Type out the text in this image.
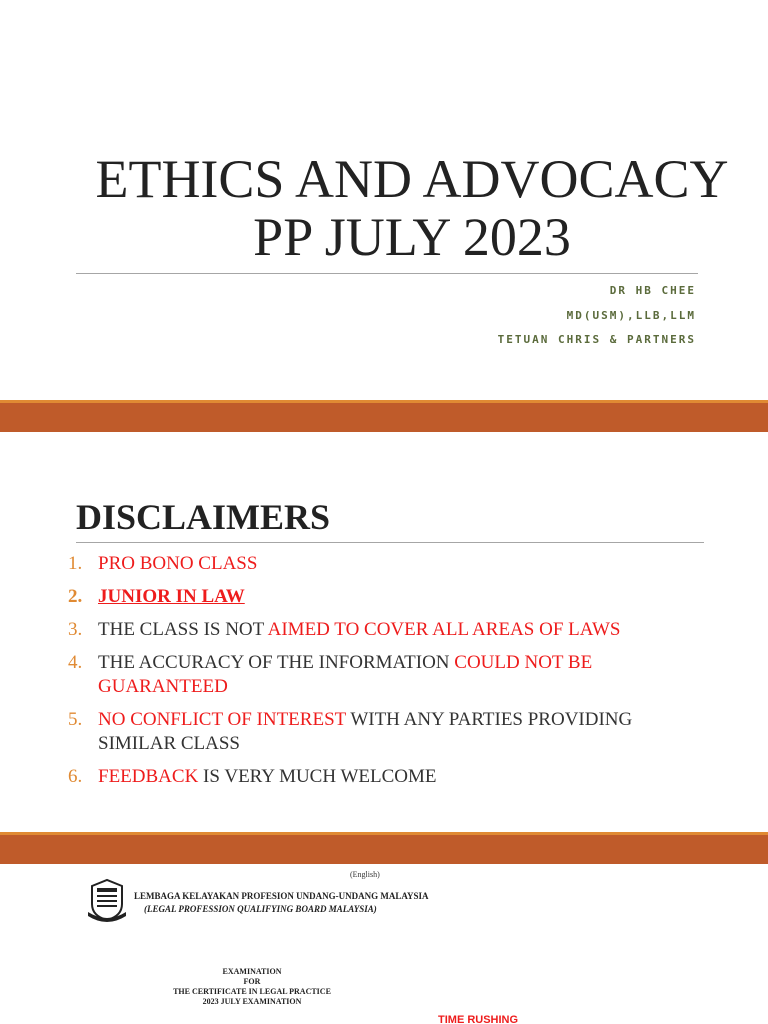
ETHICS AND ADVOCACY
PP JULY 2023
DR HB CHEE
MD(USM),LLB,LLM
TETUAN CHRIS & PARTNERS
DISCLAIMERS
1. PRO BONO CLASS
2. JUNIOR IN LAW
3. THE CLASS IS NOT AIMED TO COVER ALL AREAS OF LAWS
4. THE ACCURACY OF THE INFORMATION COULD NOT BE GUARANTEED
5. NO CONFLICT OF INTEREST WITH ANY PARTIES PROVIDING SIMILAR CLASS
6. FEEDBACK IS VERY MUCH WELCOME
(English)
LEMBAGA KELAYAKAN PROFESION UNDANG-UNDANG MALAYSIA
(LEGAL PROFESSION QUALIFYING BOARD MALAYSIA)
EXAMINATION
FOR
THE CERTIFICATE IN LEGAL PRACTICE
2023 JULY EXAMINATION
TIME RUSHING
